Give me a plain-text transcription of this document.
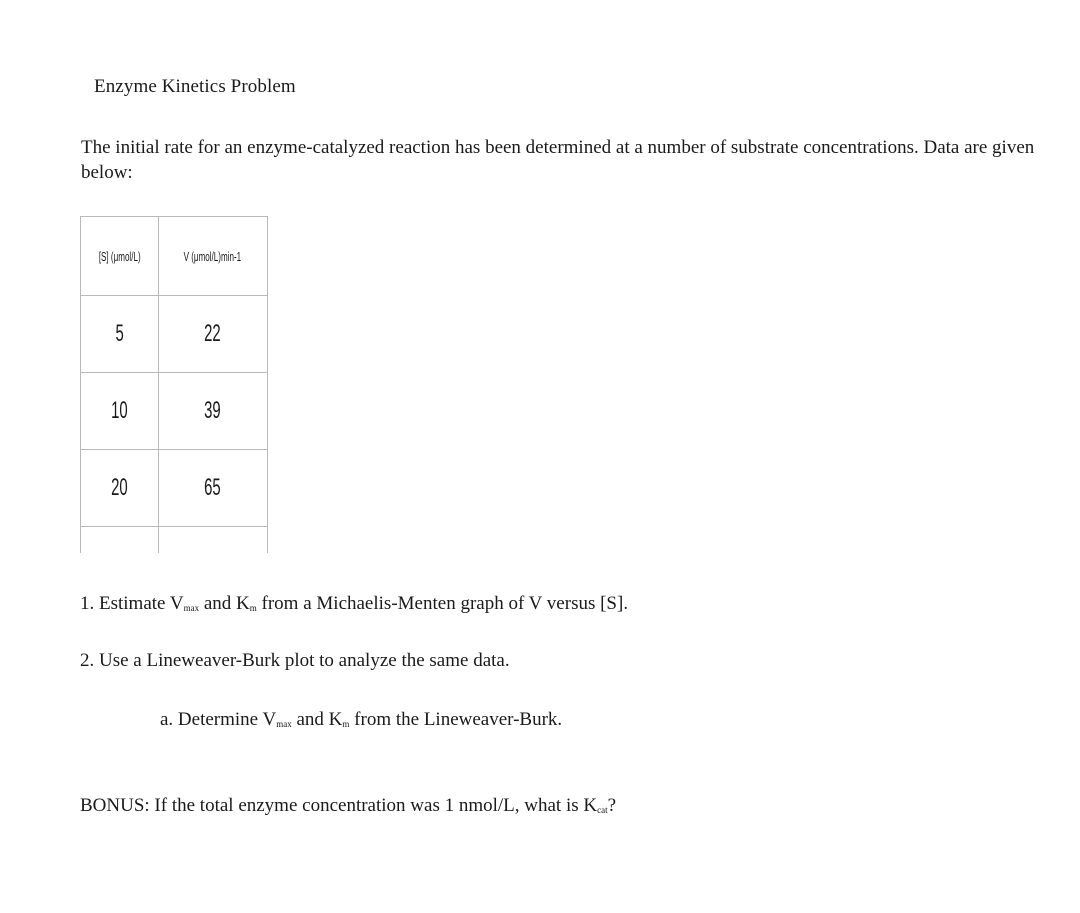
Enzyme Kinetics Problem
The initial rate for an enzyme-catalyzed reaction has been determined at a number of substrate concentrations. Data are given below:
[S] (μmol/L)	V (μmol/L)min-1
5	22
10	39
20	65

1. Estimate $V_{max}$ and $K_m$ from a Michaelis-Menten graph of V versus [S].
2. Use a Lineweaver-Burk plot to analyze the same data.
a. Determine $V_{max}$ and $K_m$ from the Lineweaver-Burk.
BONUS: If the total enzyme concentration was 1 nmol/L, what is $K_{cat}$?
